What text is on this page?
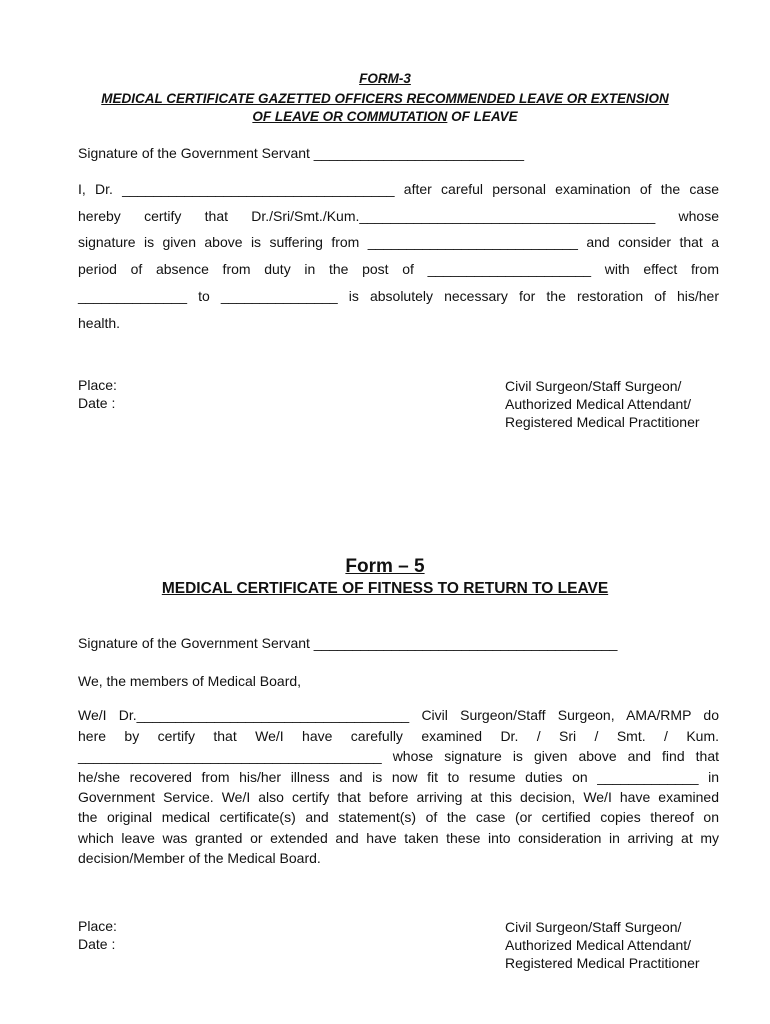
FORM-3
MEDICAL CERTIFICATE GAZETTED OFFICERS RECOMMENDED LEAVE OR EXTENSION
OF LEAVE OR COMMUTATION OF LEAVE
Signature of the Government Servant ___________________________
I, Dr. ___________________________________ after careful personal examination of the case
hereby certify that Dr./Sri/Smt./Kum.______________________________________ whose
signature is given above is suffering from ___________________________ and consider that a
period of absence from duty in the post of _____________________ with effect from
______________ to _______________ is absolutely necessary for the restoration of his/her
health.
Place:
Date :
Civil Surgeon/Staff Surgeon/
Authorized Medical Attendant/
Registered Medical Practitioner
Form – 5
MEDICAL CERTIFICATE OF FITNESS TO RETURN TO LEAVE
Signature of the Government Servant _______________________________________
We, the members of Medical Board,
We/I Dr.___________________________________ Civil Surgeon/Staff Surgeon, AMA/RMP do
here by certify that We/I have carefully examined Dr. / Sri / Smt. / Kum.
_______________________________________ whose signature is given above and find that
he/she recovered from his/her illness and is now fit to resume duties on _____________ in
Government Service. We/I also certify that before arriving at this decision, We/I have examined
the original medical certificate(s) and statement(s) of the case (or certified copies thereof on
which leave was granted or extended and have taken these into consideration in arriving at my
decision/Member of the Medical Board.
Place:
Date :
Civil Surgeon/Staff Surgeon/
Authorized Medical Attendant/
Registered Medical Practitioner
